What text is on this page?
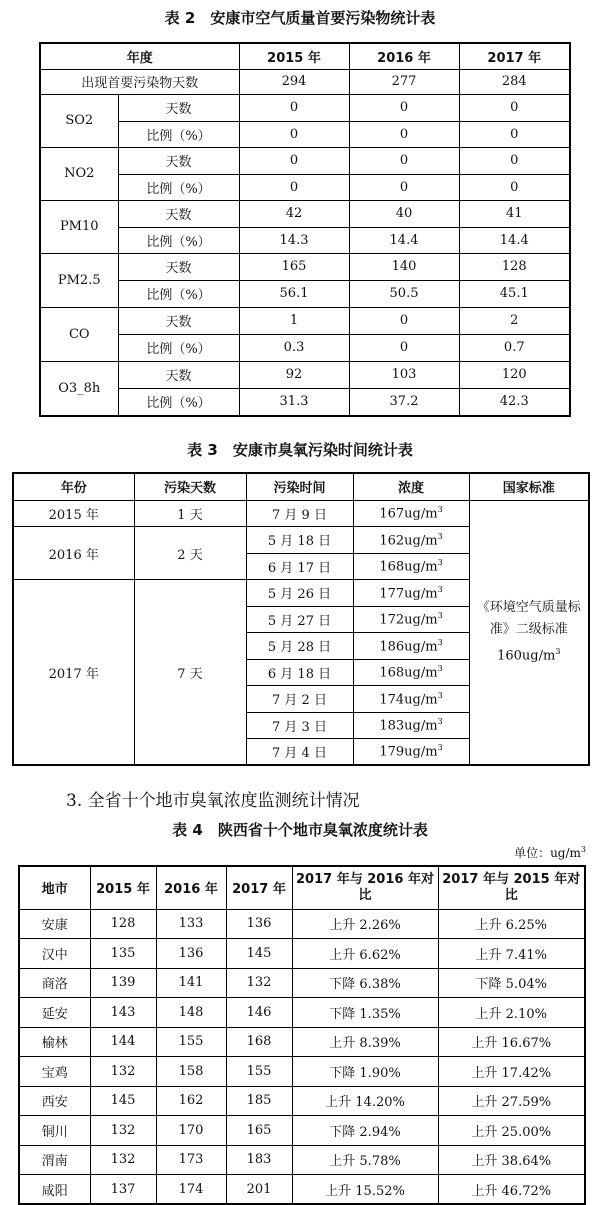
表 2　安康市空气质量首要污染物统计表
年度		2015 年	2016 年	2017 年
出现首要污染物天数		294	277	284
SO2	天数	0	0	0
	比例（%）	0	0	0
NO2	天数	0	0	0
	比例（%）	0	0	0
PM10	天数	42	40	41
	比例（%）	14.3	14.4	14.4
PM2.5	天数	165	140	128
	比例（%）	56.1	50.5	45.1
CO	天数	1	0	2
	比例（%）	0.3	0	0.7
O3_8h	天数	92	103	120
	比例（%）	31.3	37.2	42.3
表 3　安康市臭氧污染时间统计表
年份	污染天数	污染时间	浓度	国家标准
2015 年	1 天	7 月 9 日	$167ug/m^3$	《环境空气质量标准》二级标准 $160ug/m^3$
2016 年	2 天	5 月 18 日	$162ug/m^3$
		6 月 17 日	$168ug/m^3$
2017 年	7 天	5 月 26 日	$177ug/m^3$
		5 月 27 日	$172ug/m^3$
		5 月 28 日	$186ug/m^3$
		6 月 18 日	$168ug/m^3$
		7 月 2 日	$174ug/m^3$
		7 月 3 日	$183ug/m^3$
		7 月 4 日	$179ug/m^3$
3. 全省十个地市臭氧浓度监测统计情况
表 4　陕西省十个地市臭氧浓度统计表
单位：$ug/m^3$
地市	2015 年	2016 年	2017 年	2017 年与 2016 年对比	2017 年与 2015 年对比
安康	128	133	136	上升 2.26%	上升 6.25%
汉中	135	136	145	上升 6.62%	上升 7.41%
商洛	139	141	132	下降 6.38%	下降 5.04%
延安	143	148	146	下降 1.35%	上升 2.10%
榆林	144	155	168	上升 8.39%	上升 16.67%
宝鸡	132	158	155	下降 1.90%	上升 17.42%
西安	145	162	185	上升 14.20%	上升 27.59%
铜川	132	170	165	下降 2.94%	上升 25.00%
渭南	132	173	183	上升 5.78%	上升 38.64%
咸阳	137	174	201	上升 15.52%	上升 46.72%
